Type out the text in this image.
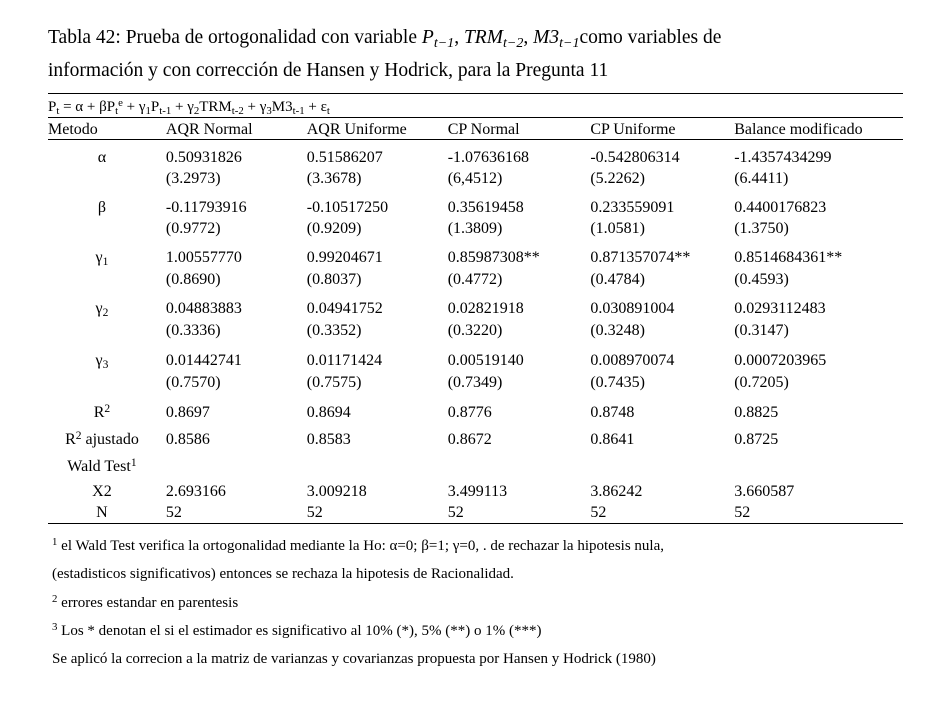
Tabla 42: Prueba de ortogonalidad con variable $P_{t-1}$, $TRM_{t-2}$, $M3_{t-1}como$ variables de
información y con corrección de Hansen y Hodrick, para la Pregunta 11

$P_t = \alpha + \beta P_t^e + \gamma_1P_{t-1} + \gamma_2TRM_{t-2} + \gamma_3M3_{t-1} + \varepsilon_t$

Metodo	AQR Normal	AQR Uniforme	CP Normal	CP Uniforme	Balance modificado

α	0.50931826	0.51586207	-1.07636168	-0.542806314	-1.4357434299
	(3.2973)	(3.3678)	(6,4512)	(5.2262)	(6.4411)

β	-0.11793916	-0.10517250	0.35619458	0.233559091	0.4400176823
	(0.9772)	(0.9209)	(1.3809)	(1.0581)	(1.3750)

$\gamma_1$	1.00557770	0.99204671	0.85987308**	0.871357074**	0.8514684361**
	(0.8690)	(0.8037)	(0.4772)	(0.4784)	(0.4593)

$\gamma_2$	0.04883883	0.04941752	0.02821918	0.030891004	0.0293112483
	(0.3336)	(0.3352)	(0.3220)	(0.3248)	(0.3147)

$\gamma_3$	0.01442741	0.01171424	0.00519140	0.008970074	0.0007203965
	(0.7570)	(0.7575)	(0.7349)	(0.7435)	(0.7205)

$R^2$	0.8697	0.8694	0.8776	0.8748	0.8825

$R^2$ ajustado	0.8586	0.8583	0.8672	0.8641	0.8725

Wald Test$^1$					

X2	2.693166	3.009218	3.499113	3.86242	3.660587
N	52	52	52	52	52

$^1$ el Wald Test verifica la ortogonalidad mediante la Ho: α=0; β=1; γ=0, . de rechazar la hipotesis nula,
(estadisticos significativos) entonces se rechaza la hipotesis de Racionalidad.
$^2$ errores estandar en parentesis
$^3$ Los * denotan el si el estimador es significativo al 10% (*), 5% (**) o 1% (***)
Se aplicó la correcion a la matriz de varianzas y covarianzas propuesta por Hansen y Hodrick (1980)
